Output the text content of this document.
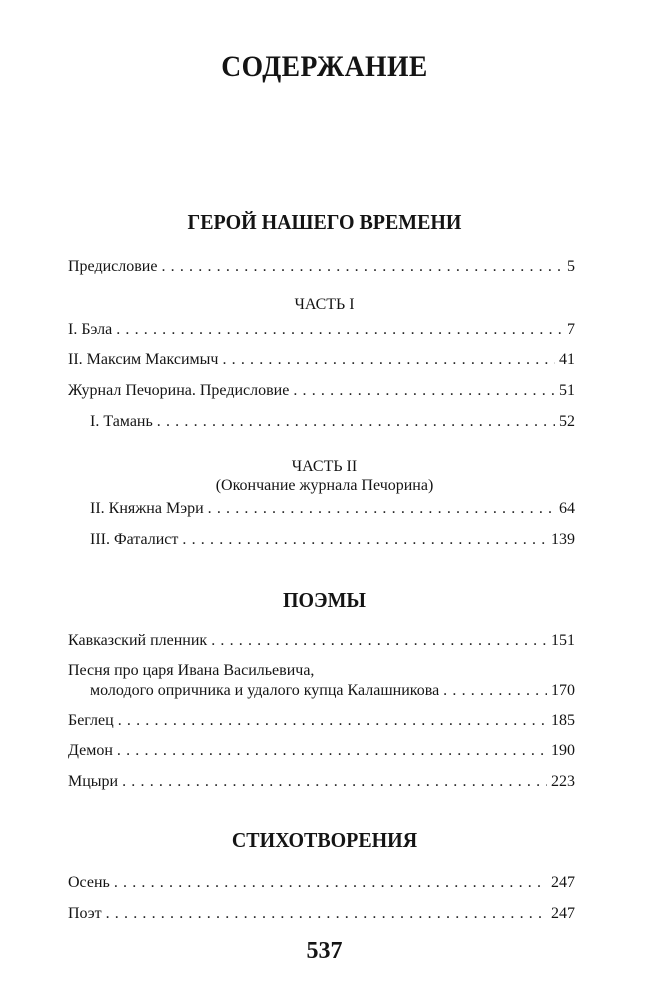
СОДЕРЖАНИЕ
ГЕРОЙ НАШЕГО ВРЕМЕНИ
Предисловие . . .	5
ЧАСТЬ I
I. Бэла . . .	7
II. Максим Максимыч . . .	41
Журнал Печорина. Предисловие . . .	51
I. Тамань . . .	52
ЧАСТЬ II
(Окончание журнала Печорина)
II. Княжна Мэри . . .	64
III. Фаталист . . .	139
ПОЭМЫ
Кавказский пленник . . .	151
Песня про царя Ивана Васильевича,
молодого опричника и удалого купца Калашникова . . .	170
Беглец . . .	185
Демон . . .	190
Мцыри . . .	223
СТИХОТВОРЕНИЯ
Осень . . .	247
Поэт . . .	247
537
